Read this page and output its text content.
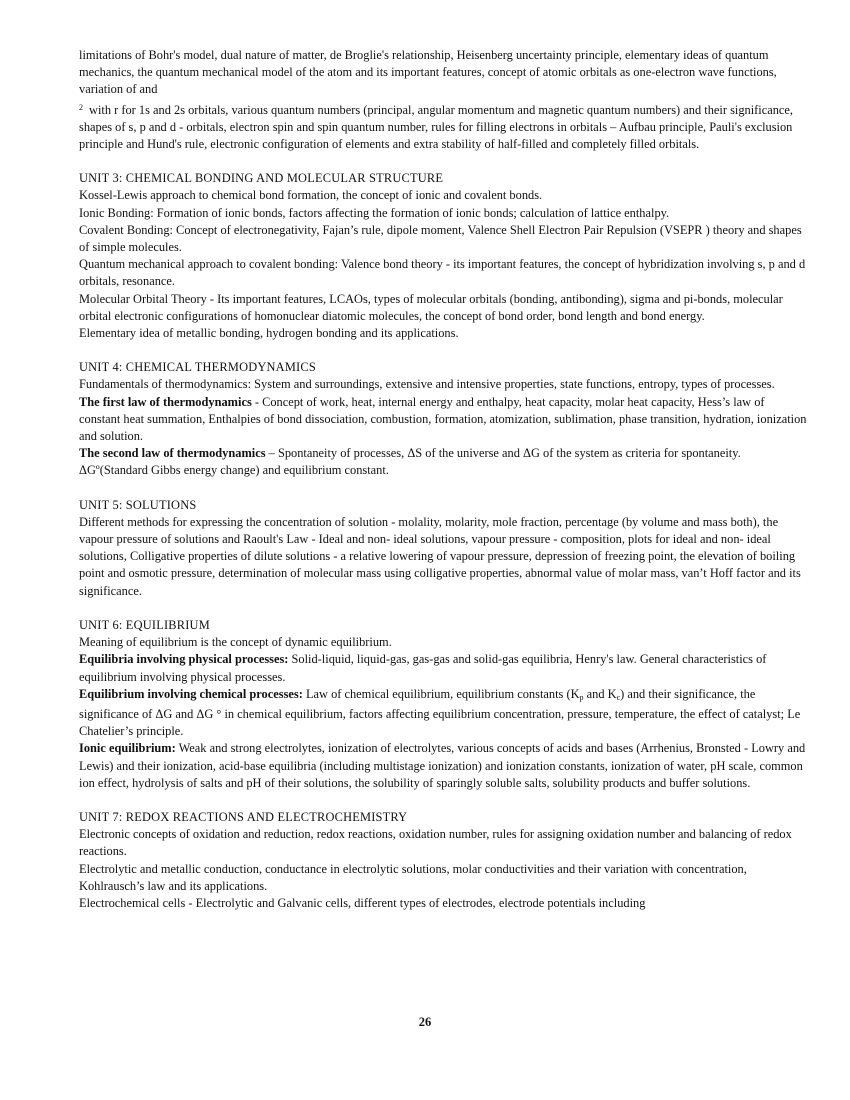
limitations of Bohr's model, dual nature of matter, de Broglie's relationship, Heisenberg uncertainty principle, elementary ideas of quantum mechanics, the quantum mechanical model of the atom and its important features, concept of atomic orbitals as one-electron wave functions, variation of and

$^2$ with r for 1s and 2s orbitals, various quantum numbers (principal, angular momentum and magnetic quantum numbers) and their significance, shapes of s, p and d - orbitals, electron spin and spin quantum number, rules for filling electrons in orbitals – Aufbau principle, Pauli's exclusion principle and Hund's rule, electronic configuration of elements and extra stability of half-filled and completely filled orbitals.

UNIT 3: CHEMICAL BONDING AND MOLECULAR STRUCTURE

Kossel-Lewis approach to chemical bond formation, the concept of ionic and covalent bonds.

Ionic Bonding: Formation of ionic bonds, factors affecting the formation of ionic bonds; calculation of lattice enthalpy.

Covalent Bonding: Concept of electronegativity, Fajan’s rule, dipole moment, Valence Shell Electron Pair Repulsion (VSEPR ) theory and shapes of simple molecules.

Quantum mechanical approach to covalent bonding: Valence bond theory - its important features, the concept of hybridization involving s, p and d orbitals, resonance.

Molecular Orbital Theory - Its important features, LCAOs, types of molecular orbitals (bonding, antibonding), sigma and pi-bonds, molecular orbital electronic configurations of homonuclear diatomic molecules, the concept of bond order, bond length and bond energy.

Elementary idea of metallic bonding, hydrogen bonding and its applications.

UNIT 4: CHEMICAL THERMODYNAMICS

Fundamentals of thermodynamics: System and surroundings, extensive and intensive properties, state functions, entropy, types of processes.

The first law of thermodynamics - Concept of work, heat, internal energy and enthalpy, heat capacity, molar heat capacity, Hess’s law of constant heat summation, Enthalpies of bond dissociation, combustion, formation, atomization, sublimation, phase transition, hydration, ionization and solution.

The second law of thermodynamics – Spontaneity of processes, ΔS of the universe and ΔG of the system as criteria for spontaneity. ΔGº(Standard Gibbs energy change) and equilibrium constant.

UNIT 5: SOLUTIONS

Different methods for expressing the concentration of solution - molality, molarity, mole fraction, percentage (by volume and mass both), the vapour pressure of solutions and Raoult's Law - Ideal and non- ideal solutions, vapour pressure - composition, plots for ideal and non- ideal solutions, Colligative properties of dilute solutions - a relative lowering of vapour pressure, depression of freezing point, the elevation of boiling point and osmotic pressure, determination of molecular mass using colligative properties, abnormal value of molar mass, van’t Hoff factor and its significance.

UNIT 6: EQUILIBRIUM

Meaning of equilibrium is the concept of dynamic equilibrium.

Equilibria involving physical processes: Solid-liquid, liquid-gas, gas-gas and solid-gas equilibria, Henry's law. General characteristics of equilibrium involving physical processes.

Equilibrium involving chemical processes: Law of chemical equilibrium, equilibrium constants ($K_p$ and $K_c$) and their significance, the significance of ΔG and ΔG ° in chemical equilibrium, factors affecting equilibrium concentration, pressure, temperature, the effect of catalyst; Le Chatelier’s principle.

Ionic equilibrium: Weak and strong electrolytes, ionization of electrolytes, various concepts of acids and bases (Arrhenius, Bronsted - Lowry and Lewis) and their ionization, acid-base equilibria (including multistage ionization) and ionization constants, ionization of water, pH scale, common ion effect, hydrolysis of salts and pH of their solutions, the solubility of sparingly soluble salts, solubility products and buffer solutions.

UNIT 7: REDOX REACTIONS AND ELECTROCHEMISTRY

Electronic concepts of oxidation and reduction, redox reactions, oxidation number, rules for assigning oxidation number and balancing of redox reactions.

Electrolytic and metallic conduction, conductance in electrolytic solutions, molar conductivities and their variation with concentration, Kohlrausch’s law and its applications.

Electrochemical cells - Electrolytic and Galvanic cells, different types of electrodes, electrode potentials including

26
